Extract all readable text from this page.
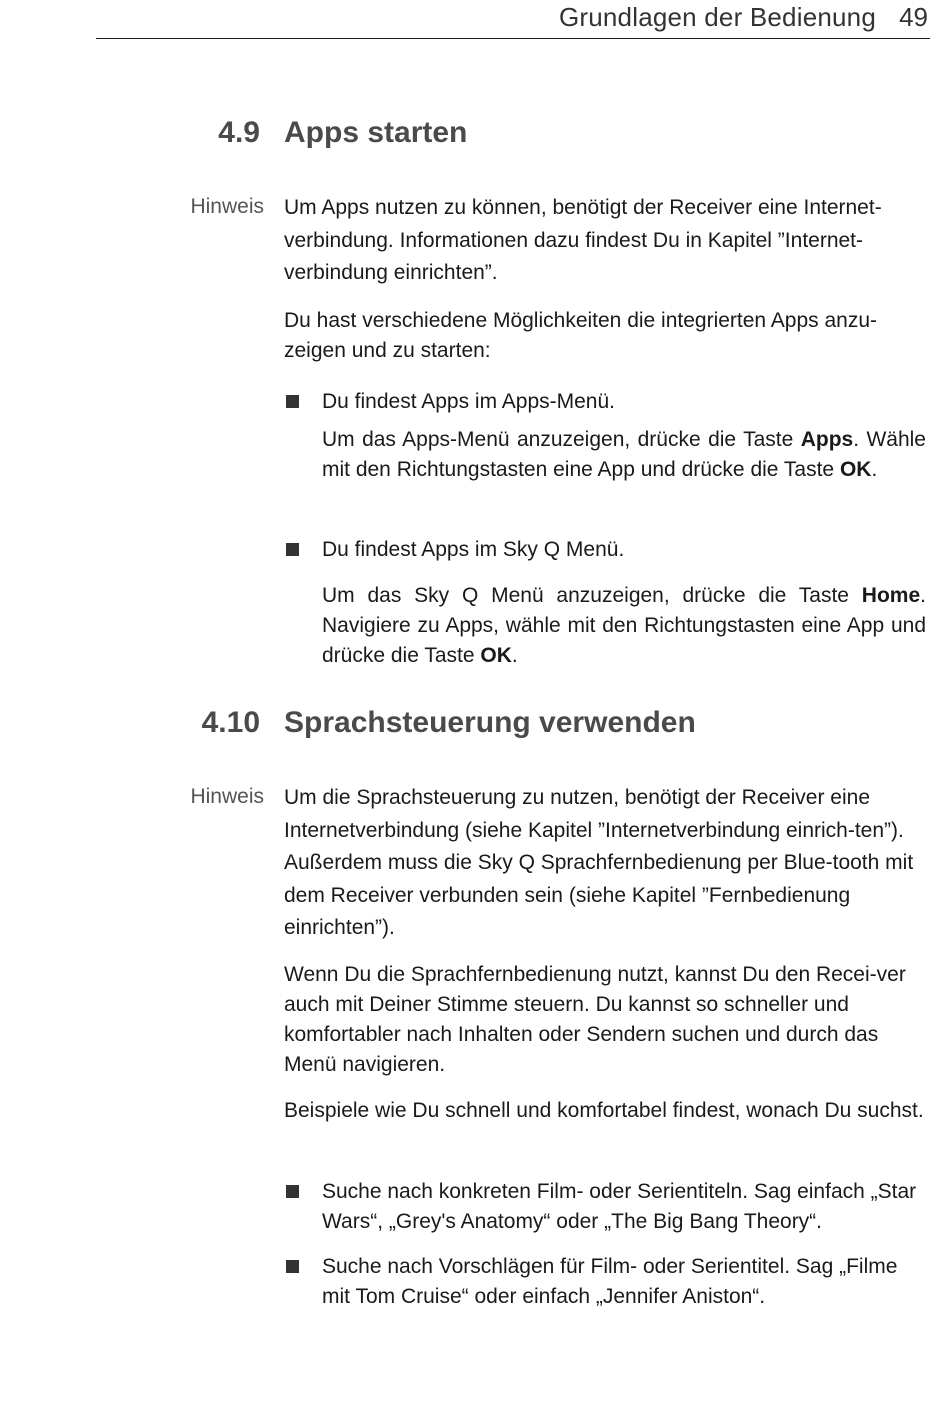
Grundlagen der Bedienung 49
4.9 Apps starten
Hinweis Um Apps nutzen zu können, benötigt der Receiver eine Internet-verbindung. Informationen dazu findest Du in Kapitel ”Internet-verbindung einrichten”.
Du hast verschiedene Möglichkeiten die integrierten Apps anzu-zeigen und zu starten:
Du findest Apps im Apps-Menü.
Um das Apps-Menü anzuzeigen, drücke die Taste Apps. Wähle mit den Richtungstasten eine App und drücke die Taste OK.
Du findest Apps im Sky Q Menü.
Um das Sky Q Menü anzuzeigen, drücke die Taste Home. Navigiere zu Apps, wähle mit den Richtungstasten eine App und drücke die Taste OK.
4.10 Sprachsteuerung verwenden
Hinweis Um die Sprachsteuerung zu nutzen, benötigt der Receiver eine Internetverbindung (siehe Kapitel ”Internetverbindung einrich-ten”). Außerdem muss die Sky Q Sprachfernbedienung per Blue-tooth mit dem Receiver verbunden sein (siehe Kapitel ”Fernbedienung einrichten”).
Wenn Du die Sprachfernbedienung nutzt, kannst Du den Recei-ver auch mit Deiner Stimme steuern. Du kannst so schneller und komfortabler nach Inhalten oder Sendern suchen und durch das Menü navigieren.
Beispiele wie Du schnell und komfortabel findest, wonach Du suchst.
Suche nach konkreten Film- oder Serientiteln. Sag einfach „Star Wars“, „Grey's Anatomy“ oder „The Big Bang Theory“.
Suche nach Vorschlägen für Film- oder Serientitel. Sag „Filme mit Tom Cruise“ oder einfach „Jennifer Aniston“.
